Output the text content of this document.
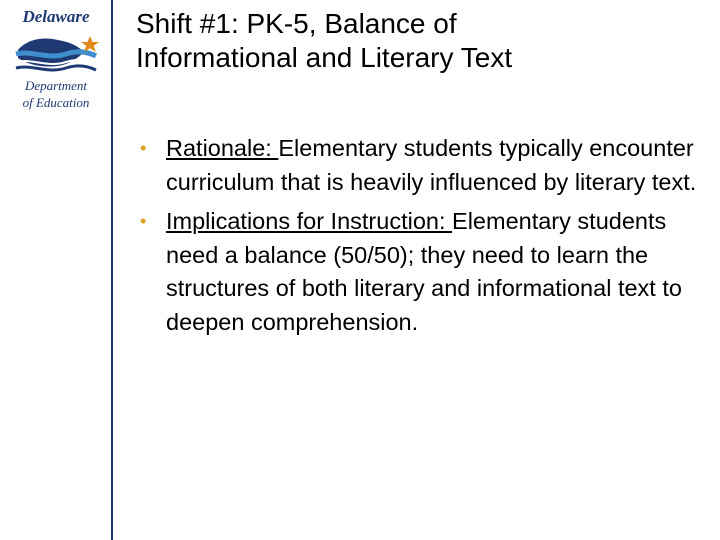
Delaware
Department
of Education
Shift #1: PK-5, Balance of
Informational and Literary Text
• Rationale: Elementary students typically encounter curriculum that is heavily influenced by literary text.
• Implications for Instruction: Elementary students need a balance (50/50); they need to learn the structures of both literary and informational text to deepen comprehension.
